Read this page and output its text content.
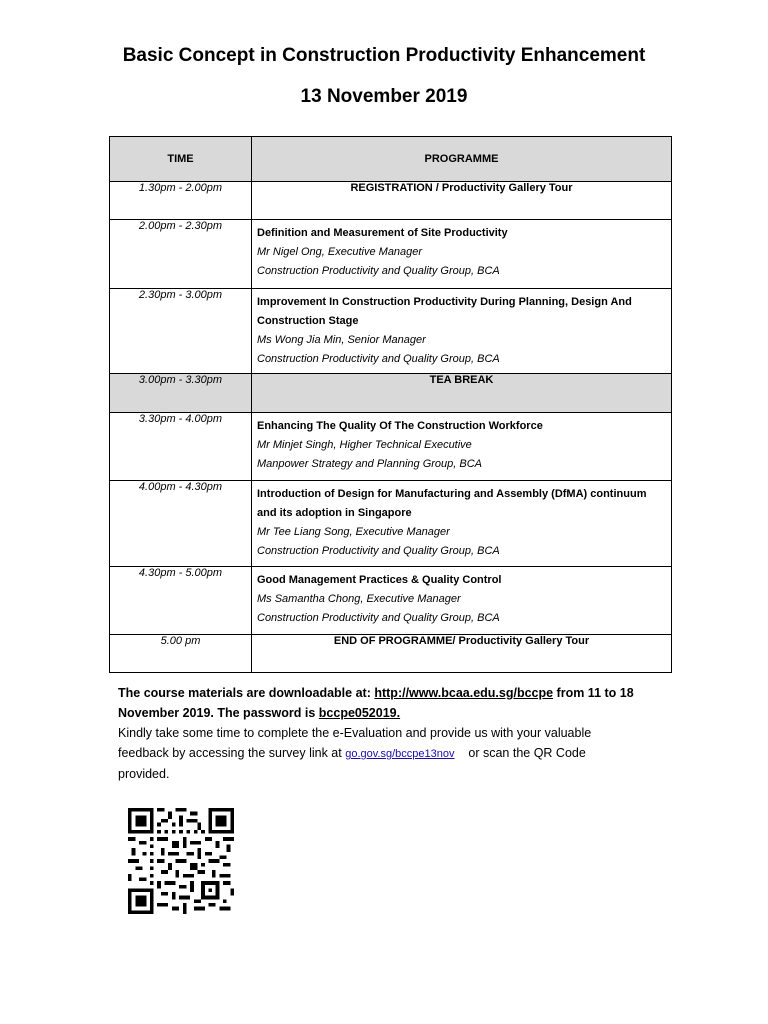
Basic Concept in Construction Productivity Enhancement
13 November 2019
TIME	PROGRAMME
1.30pm - 2.00pm	REGISTRATION / Productivity Gallery Tour
2.00pm - 2.30pm	Definition and Measurement of Site Productivity
Mr Nigel Ong, Executive Manager
Construction Productivity and Quality Group, BCA

2.30pm - 3.00pm	Improvement In Construction Productivity During Planning, Design And
Construction Stage
Ms Wong Jia Min, Senior Manager
Construction Productivity and Quality Group, BCA

3.00pm - 3.30pm	TEA BREAK
3.30pm - 4.00pm	Enhancing The Quality Of The Construction Workforce
Mr Minjet Singh, Higher Technical Executive
Manpower Strategy and Planning Group, BCA

4.00pm - 4.30pm	Introduction of Design for Manufacturing and Assembly (DfMA) continuum
and its adoption in Singapore
Mr Tee Liang Song, Executive Manager
Construction Productivity and Quality Group, BCA

4.30pm - 5.00pm	Good Management Practices & Quality Control
Ms Samantha Chong, Executive Manager
Construction Productivity and Quality Group, BCA

5.00 pm	END OF PROGRAMME/ Productivity Gallery Tour
The course materials are downloadable at: http://www.bcaa.edu.sg/bccpe from 11 to 18
November 2019. The password is bccpe052019.
Kindly take some time to complete the e-Evaluation and provide us with your valuable
feedback by accessing the survey link at go.gov.sg/bccpe13nov    or scan the QR Code
provided.
